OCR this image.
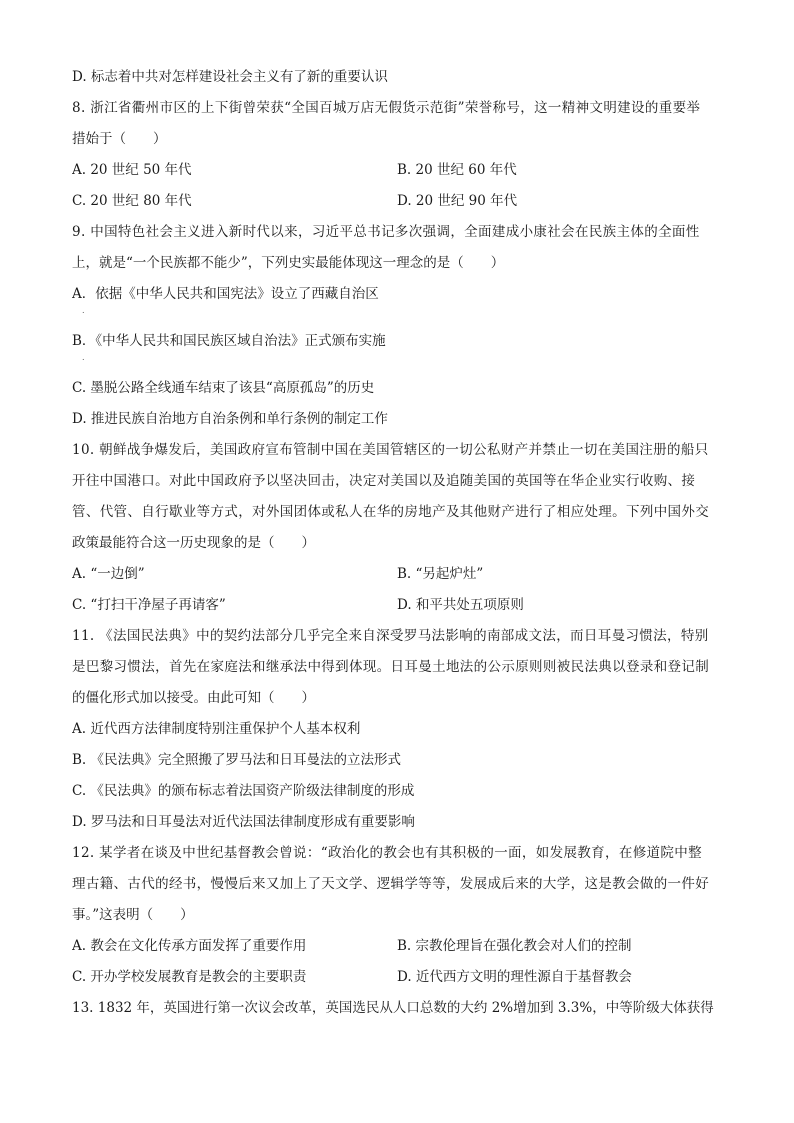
D. 标志着中共对怎样建设社会主义有了新的重要认识
8. 浙江省衢州市区的上下街曾荣获“全国百城万店无假货示范街”荣誉称号，这一精神文明建设的重要举
措始于（　　）
A. 20 世纪 50 年代	B. 20 世纪 60 年代
C. 20 世纪 80 年代	D. 20 世纪 90 年代
9. 中国特色社会主义进入新时代以来，习近平总书记多次强调，全面建成小康社会在民族主体的全面性
上，就是“一个民族都不能少”，下列史实最能体现这一理念的是（　　）
A．依据《中华人民共和国宪法》设立了西藏自治区
.
B．《中华人民共和国民族区域自治法》正式颁布实施
.
C. 墨脱公路全线通车结束了该县“高原孤岛”的历史
D. 推进民族自治地方自治条例和单行条例的制定工作
10. 朝鲜战争爆发后，美国政府宣布管制中国在美国管辖区的一切公私财产并禁止一切在美国注册的船只
开往中国港口。对此中国政府予以坚决回击，决定对美国以及追随美国的英国等在华企业实行收购、接
管、代管、自行歇业等方式，对外国团体或私人在华的房地产及其他财产进行了相应处理。下列中国外交
政策最能符合这一历史现象的是（　　）
A. “一边倒”	B. “另起炉灶”
C. “打扫干净屋子再请客”	D. 和平共处五项原则
11. 《法国民法典》中的契约法部分几乎完全来自深受罗马法影响的南部成文法，而日耳曼习惯法，特别
是巴黎习惯法，首先在家庭法和继承法中得到体现。日耳曼土地法的公示原则则被民法典以登录和登记制
的僵化形式加以接受。由此可知（　　）
A. 近代西方法律制度特别注重保护个人基本权利
B. 《民法典》完全照搬了罗马法和日耳曼法的立法形式
C. 《民法典》的颁布标志着法国资产阶级法律制度的形成
D. 罗马法和日耳曼法对近代法国法律制度形成有重要影响
12. 某学者在谈及中世纪基督教会曾说：“政治化的教会也有其积极的一面，如发展教育，在修道院中整
理古籍、古代的经书，慢慢后来又加上了天文学、逻辑学等等，发展成后来的大学，这是教会做的一件好
事。”这表明（　　）
A. 教会在文化传承方面发挥了重要作用	B. 宗教伦理旨在强化教会对人们的控制
C. 开办学校发展教育是教会的主要职责	D. 近代西方文明的理性源自于基督教会
13. 1832 年，英国进行第一次议会改革，英国选民从人口总数的大约 2%增加到 3.3%，中等阶级大体获得
